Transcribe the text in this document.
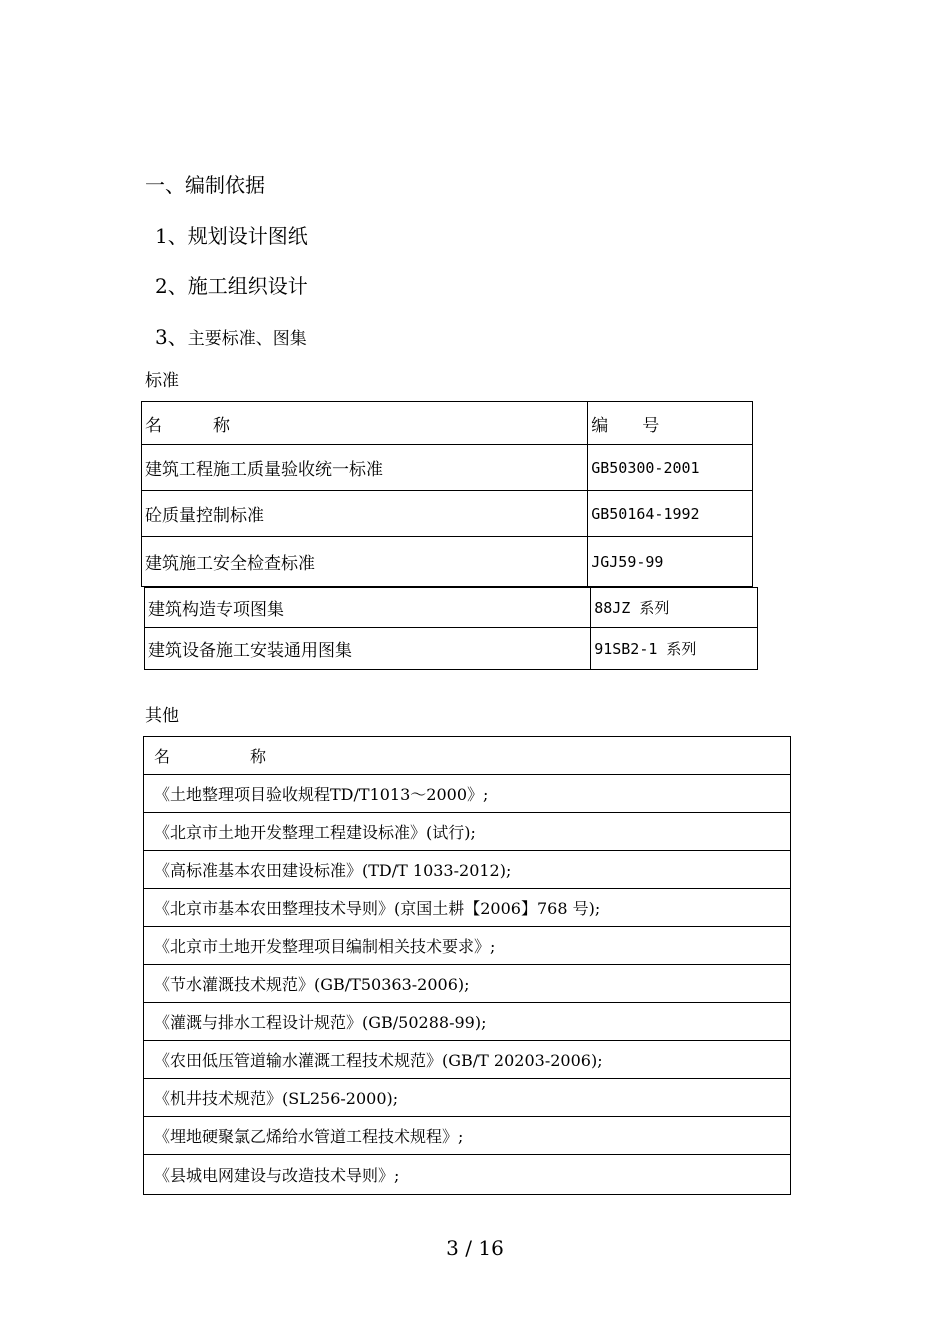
一、编制依据
1、规划设计图纸
2、施工组织设计
3、主要标准、图集
标准
名　　　称	编　　号
建筑工程施工质量验收统一标准	GB50300-2001
砼质量控制标准	GB50164-1992
建筑施工安全检查标准	JGJ59-99
建筑构造专项图集	88JZ 系列
建筑设备施工安装通用图集	91SB2-1 系列
其他
名　　　　　称
《土地整理项目验收规程TD/T1013～2000》;
《北京市土地开发整理工程建设标准》(试行);
《高标准基本农田建设标准》(TD/T 1033-2012);
《北京市基本农田整理技术导则》(京国土耕【2006】768 号);
《北京市土地开发整理项目编制相关技术要求》;
《节水灌溉技术规范》(GB/T50363-2006);
《灌溉与排水工程设计规范》(GB/50288-99);
《农田低压管道输水灌溉工程技术规范》(GB/T 20203-2006);
《机井技术规范》(SL256-2000);
《埋地硬聚氯乙烯给水管道工程技术规程》;
《县城电网建设与改造技术导则》;
3 / 16
